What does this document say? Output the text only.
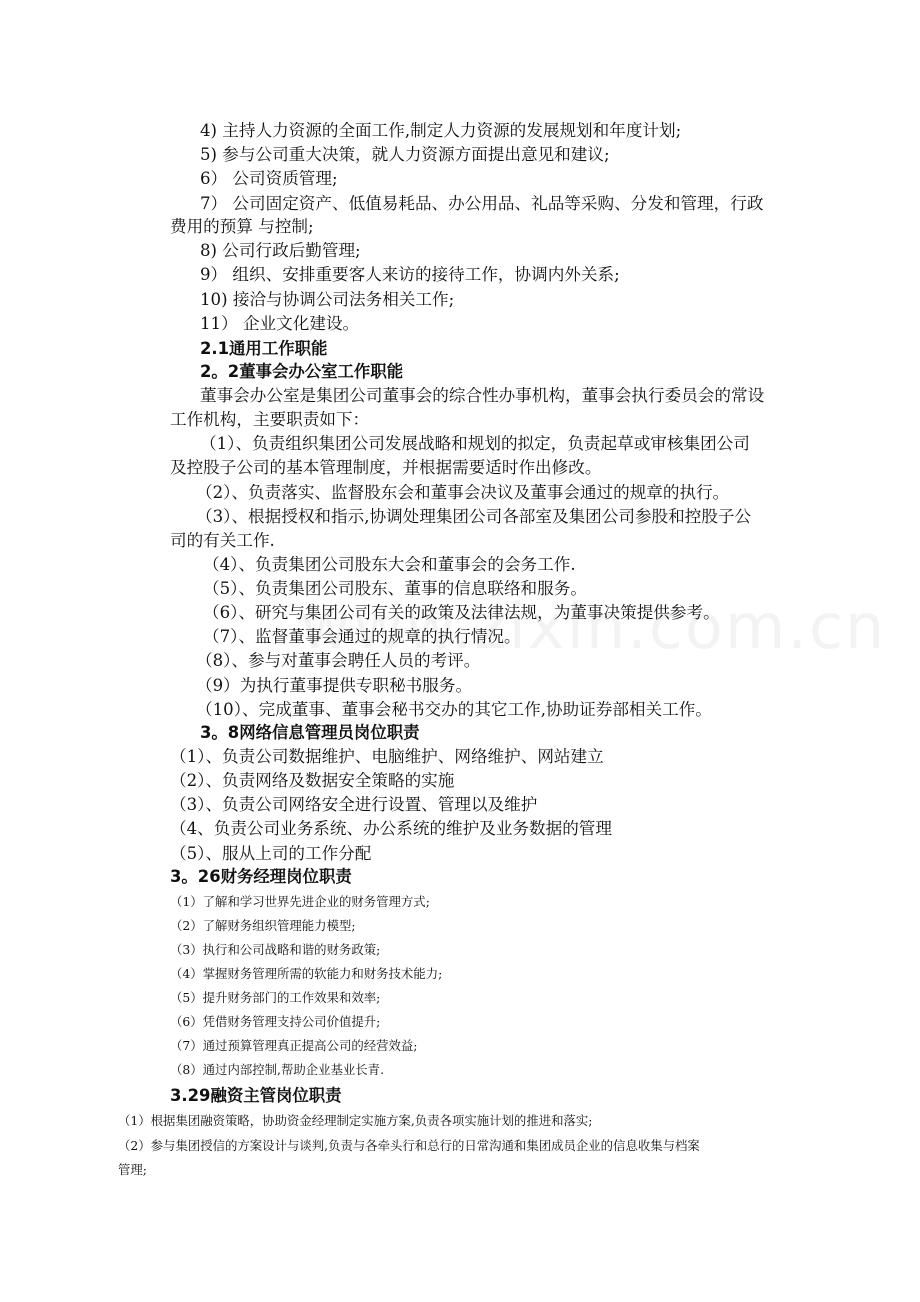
4) 主持人力资源的全面工作,制定人力资源的发展规划和年度计划;

5) 参与公司重大决策，就人力资源方面提出意见和建议;

6） 公司资质管理;

7） 公司固定资产、低值易耗品、办公用品、礼品等采购、分发和管理，行政

费用的预算 与控制;

8) 公司行政后勤管理;

9） 组织、安排重要客人来访的接待工作，协调内外关系;

10) 接洽与协调公司法务相关工作;

11） 企业文化建设。

2.1通用工作职能

2。2董事会办公室工作职能

董事会办公室是集团公司董事会的综合性办事机构，董事会执行委员会的常设

工作机构，主要职责如下：

（1）、负责组织集团公司发展战略和规划的拟定，负责起草或审核集团公司

及控股子公司的基本管理制度，并根据需要适时作出修改。

（2）、负责落实、监督股东会和董事会决议及董事会通过的规章的执行。

（3）、根据授权和指示,协调处理集团公司各部室及集团公司参股和控股子公

司的有关工作.

（4）、负责集团公司股东大会和董事会的会务工作.

（5）、负责集团公司股东、董事的信息联络和服务。

（6）、研究与集团公司有关的政策及法律法规，为董事决策提供参考。

（7）、监督董事会通过的规章的执行情况。

（8）、参与对董事会聘任人员的考评。

（9）为执行董事提供专职秘书服务。

（10）、完成董事、董事会秘书交办的其它工作,协助证券部相关工作。

3。8网络信息管理员岗位职责

（1）、负责公司数据维护、电脑维护、网络维护、网站建立

（2）、负责网络及数据安全策略的实施

（3）、负责公司网络安全进行设置、管理以及维护

（4、负责公司业务系统、办公系统的维护及业务数据的管理

（5）、服从上司的工作分配

3。26财务经理岗位职责

（1）了解和学习世界先进企业的财务管理方式;

（2）了解财务组织管理能力模型;

（3）执行和公司战略和谐的财务政策;

（4）掌握财务管理所需的软能力和财务技术能力;

（5）提升财务部门的工作效果和效率;

（6）凭借财务管理支持公司价值提升;

（7）通过预算管理真正提高公司的经营效益;

（8）通过内部控制,帮助企业基业长青.

3.29融资主管岗位职责

（1）根据集团融资策略，协助资金经理制定实施方案,负责各项实施计划的推进和落实;

（2）参与集团授信的方案设计与谈判,负责与各牵头行和总行的日常沟通和集团成员企业的信息收集与档案

管理;
